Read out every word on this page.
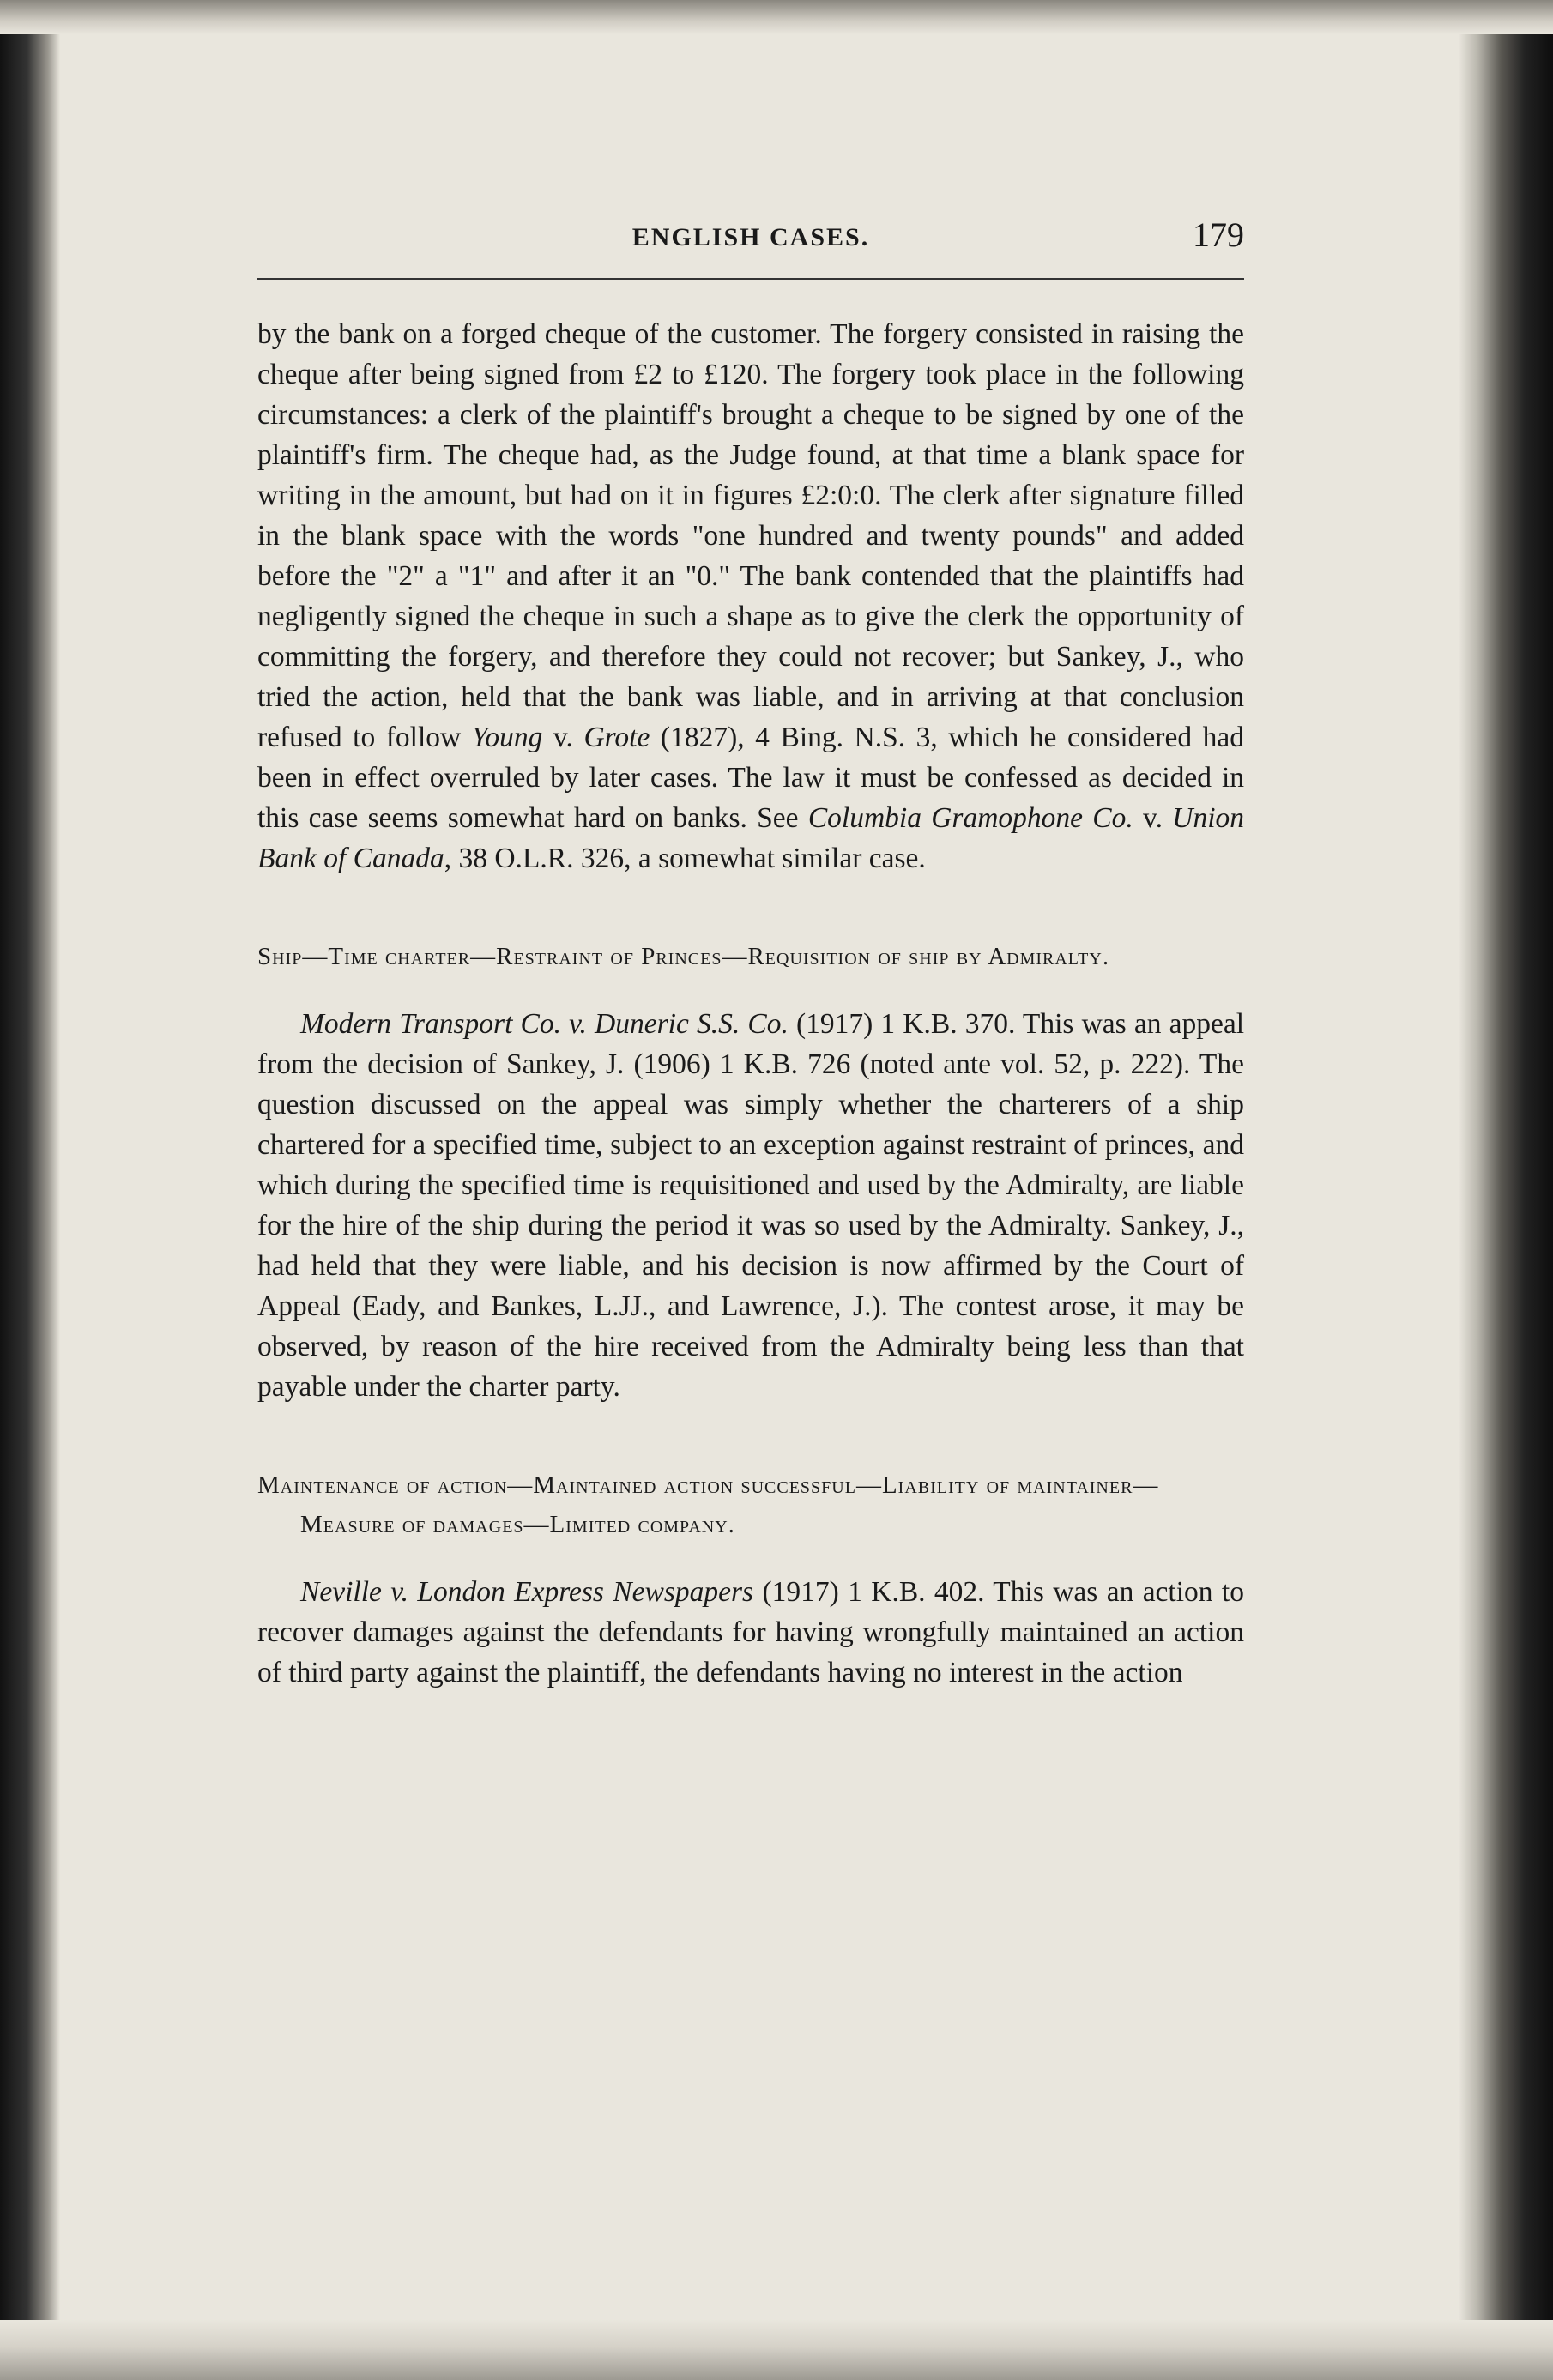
ENGLISH CASES.	179

by the bank on a forged cheque of the customer. The forgery consisted in raising the cheque after being signed from £2 to £120. The forgery took place in the following circumstances: a clerk of the plaintiff's brought a cheque to be signed by one of the plaintiff's firm. The cheque had, as the Judge found, at that time a blank space for writing in the amount, but had on it in figures £2:0:0. The clerk after signature filled in the blank space with the words "one hundred and twenty pounds" and added before the "2" a "1" and after it an "0." The bank contended that the plaintiffs had negligently signed the cheque in such a shape as to give the clerk the opportunity of committing the forgery, and therefore they could not recover; but Sankey, J., who tried the action, held that the bank was liable, and in arriving at that conclusion refused to follow Young v. Grote (1827), 4 Bing. N.S. 3, which he considered had been in effect overruled by later cases. The law it must be confessed as decided in this case seems somewhat hard on banks. See Columbia Gramophone Co. v. Union Bank of Canada, 38 O.L.R. 326, a somewhat similar case.

Ship—Time charter—Restraint of Princes—Requisition of ship by Admiralty.

Modern Transport Co. v. Duneric S.S. Co. (1917) 1 K.B. 370. This was an appeal from the decision of Sankey, J. (1906) 1 K.B. 726 (noted ante vol. 52, p. 222). The question discussed on the appeal was simply whether the charterers of a ship chartered for a specified time, subject to an exception against restraint of princes, and which during the specified time is requisitioned and used by the Admiralty, are liable for the hire of the ship during the period it was so used by the Admiralty. Sankey, J., had held that they were liable, and his decision is now affirmed by the Court of Appeal (Eady, and Bankes, L.JJ., and Lawrence, J.). The contest arose, it may be observed, by reason of the hire received from the Admiralty being less than that payable under the charter party.

Maintenance of action—Maintained action successful—Liability of maintainer—Measure of damages—Limited company.

Neville v. London Express Newspapers (1917) 1 K.B. 402. This was an action to recover damages against the defendants for having wrongfully maintained an action of third party against the plaintiff, the defendants having no interest in the action
